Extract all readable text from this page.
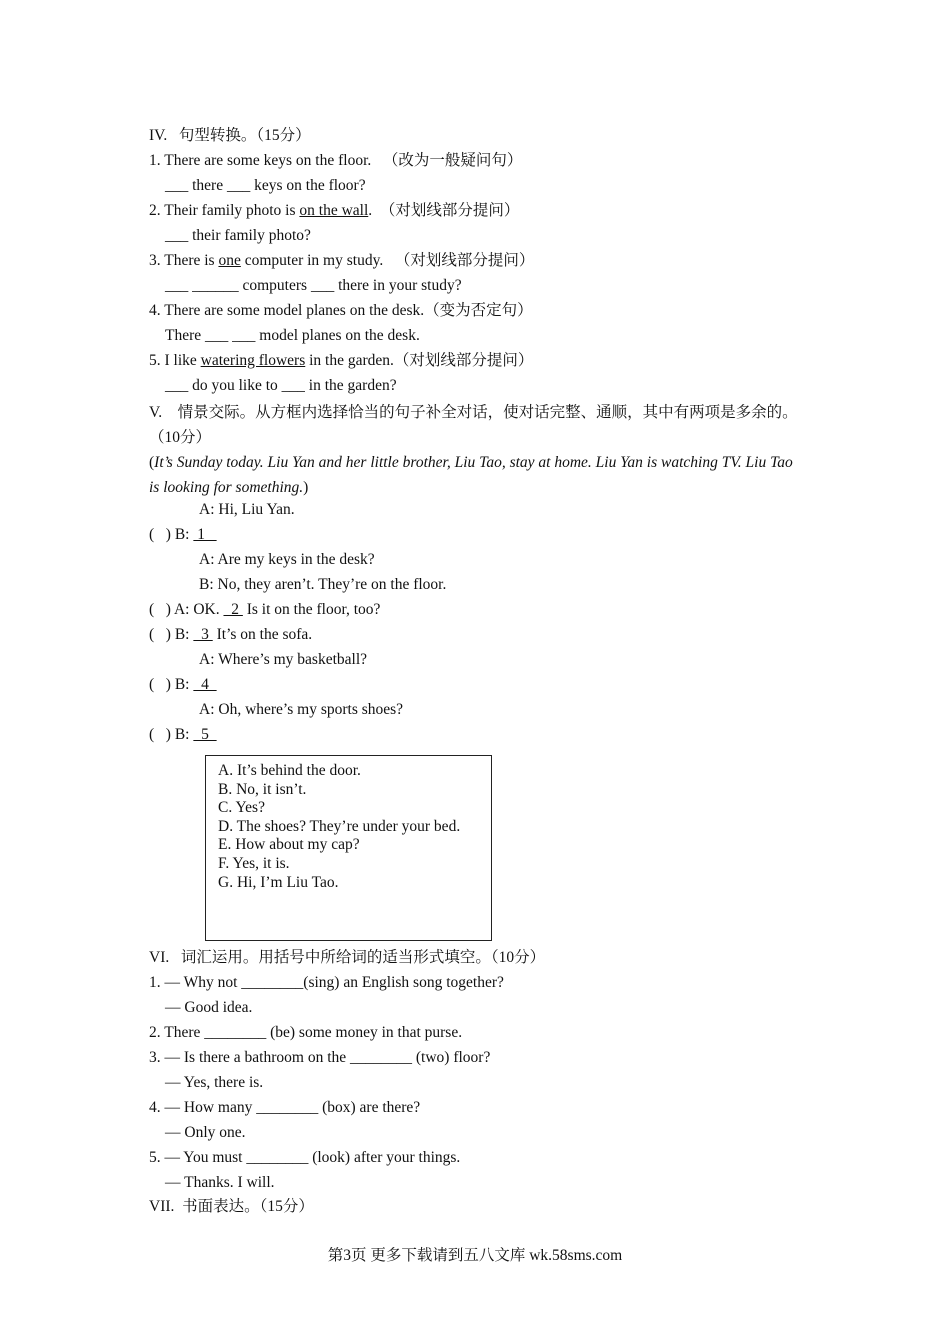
IV.   句型转换。（15分）
1. There are some keys on the floor.   （改为一般疑问句）
___ there ___ keys on the floor?
2. Their family photo is on the wall.  （对划线部分提问）
___ their family photo?
3. There is one computer in my study.   （对划线部分提问）
___ ______ computers ___ there in your study?
4. There are some model planes on the desk.（变为否定句）
There ___ ___ model planes on the desk.
5. I like watering flowers in the garden.（对划线部分提问）
___ do you like to ___ in the garden?
V.    情景交际。从方框内选择恰当的句子补全对话，使对话完整、通顺，其中有两项是多余的。（10分）
(It’s Sunday today. Liu Yan and her little brother, Liu Tao, stay at home. Liu Yan is watching TV. Liu Tao is looking for something.)
A: Hi, Liu Yan.
(   ) B:  1
A: Are my keys in the desk?
B: No, they aren’t. They’re on the floor.
(   ) A: OK.   2  Is it on the floor, too?
(   ) B:   3  It’s on the sofa.
A: Where’s my basketball?
(   ) B:   4
A: Oh, where’s my sports shoes?
(   ) B:   5
A. It’s behind the door.
B. No, it isn’t.
C. Yes?
D. The shoes? They’re under your bed.
E. How about my cap?
F. Yes, it is.
G. Hi, I’m Liu Tao.
VI.   词汇运用。用括号中所给词的适当形式填空。（10分）
1. — Why not ________(sing) an English song together?
— Good idea.
2. There ________ (be) some money in that purse.
3. — Is there a bathroom on the ________ (two) floor?
— Yes, there is.
4. — How many ________ (box) are there?
— Only one.
5. — You must ________ (look) after your things.
— Thanks. I will.
VII.  书面表达。（15分）
第3页 更多下载请到五八文库 wk.58sms.com
